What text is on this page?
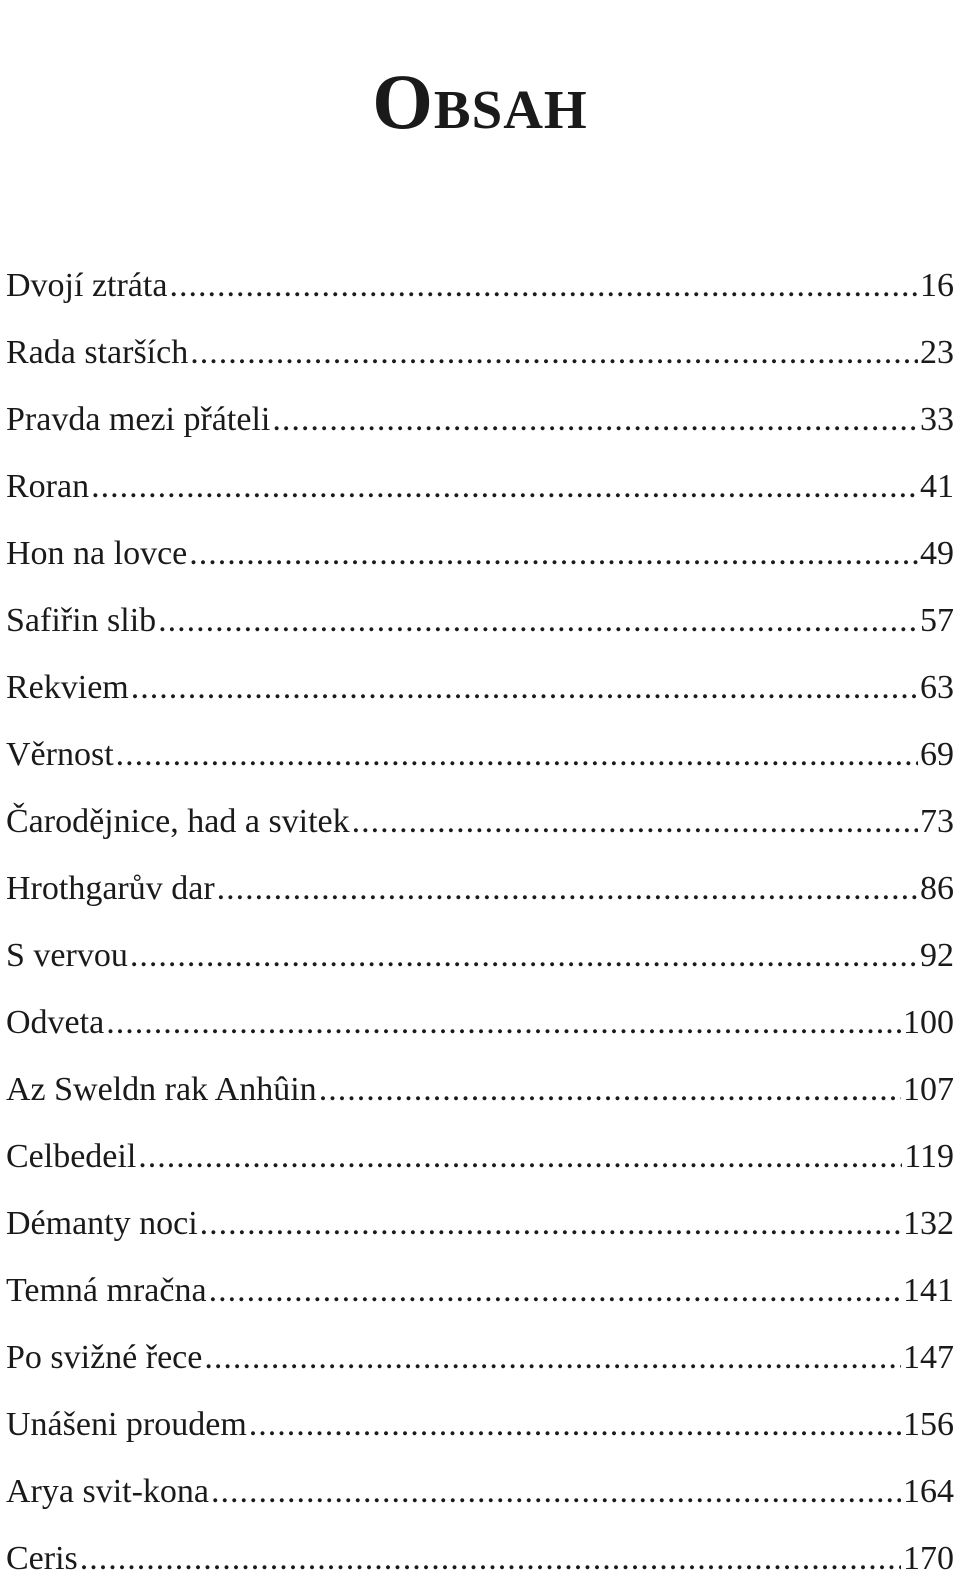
Obsah
Dvojí ztráta .....	16
Rada starších .....	23
Pravda mezi přáteli .....	33
Roran .....	41
Hon na lovce .....	49
Safiřin slib .....	57
Rekviem .....	63
Věrnost .....	69
Čarodějnice, had a svitek .....	73
Hrothgarův dar .....	86
S vervou .....	92
Odveta .....	100
Az Sweldn rak Anhûin .....	107
Celbedeil .....	119
Démanty noci .....	132
Temná mračna .....	141
Po svižné řece .....	147
Unášeni proudem .....	156
Arya svit-kona .....	164
Ceris .....	170
